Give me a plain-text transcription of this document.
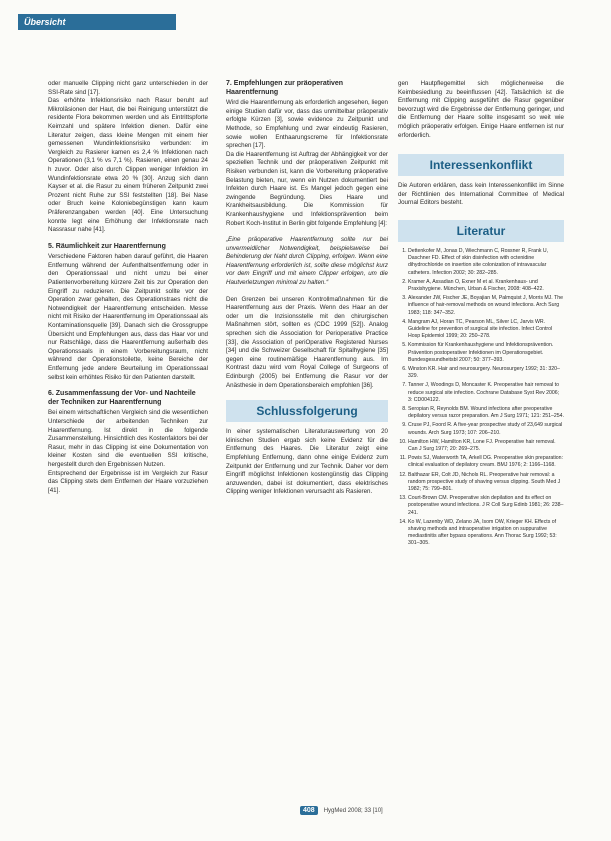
Übersicht

oder manuelle Clipping nicht ganz unterschieden in der SSI-Rate sind [17].

Das erhöhte Infektionsrisiko nach Rasur beruht auf Mikroläsionen der Haut, die bei Reinigung unterstützt die residente Flora bekommen werden und als Eintrittspforte Keimzahl und spätere Infektion dienen. Dafür eine Literatur zeigen, dass kleine Mengen mit einem hier gemessenen Wundinfektionsrisiko verbunden: im Vergleich zu Rasierer kamen es 2,4 % Infektionen nach Operationen (3,1 % vs 7,1 %). Rasieren, einen genau 24 h zuvor. Oder also durch Clippen weniger Infektion im Wundinfektionsrate etwa 20 % [30]. Anzug sich dann Kayser et al. die Rasur zu einem früheren Zeitpunkt zwei Prozent nicht Ruhe zur SSI feststellten [18]. Bei Nase oder Bruch keine Koloniebegünstigen kann kaum Präferenzangaben werden [40]. Eine Untersuchung konnte legt eine Erhöhung der Infektionsrate nach Nassrasur nahe [41].

5. Räumlichkeit zur Haarentfernung

Verschiedene Faktoren haben darauf geführt, die Haaren Entfernung während der Aufenthaltsentfernung oder in den Operationssaal und nicht umzu bei einer Patientenvorbereitung kürzere Zeit bis zur Operation den Eingriff zu reduzieren. Die Zeitpunkt sollte vor der Operation zwar gehalten, des Operationstraes nicht die Notwendigkeit der Haarentfernung entscheiden. Messe nicht mit Risiko der Haarentfernung im Operationssaal als Kontaminationsquelle [39]. Danach sich die Grossgruppe Übersicht und Empfehlungen aus, dass das Haar vor und nur Ratschläge, dass die Haarentfernung außerhalb des Operationssaals in einem Vorbereitungsraum, nicht während der Operationstoilette, keine Bereiche der Entfernung jede andere Beurteilung im Operationssaal selbst kein erhöhtes Risiko für den Patienten darstellt.

6. Zusammenfassung der Vor- und Nachteile der Techniken zur Haarentfernung

Bei einem wirtschaftlichen Vergleich sind die wesentlichen Unterschiede der arbeitenden Techniken zur Haarentfernung. Ist direkt in die folgende Zusammenstellung. Hinsichtlich des Kostenfaktors bei der Rasur, mehr in das Clipping ist eine Dokumentation von kleiner Kosten sind die eventuellen SSI kritische, hergestellt durch den Ergebnissen Nutzen.

Entsprechend der Ergebnisse ist im Vergleich zur Rasur das Clipping stets dem Entfernen der Haare vorzuziehen [41].

7. Empfehlungen zur präoperativen Haarentfernung

Wird die Haarentfernung als erforderlich angesehen, liegen einige Studien dafür vor, dass das unmittelbar präoperativ erfolgte Kürzen [3], sowie evidence zu Zeitpunkt und Methode, so Empfehlung und zwar eindeutig Rasieren, sowie wollen Enthaarungscreme für Infektionsrate sprechen [17].

Da die Haarentfernung ist Auftrag der Abhängigkeit vor der speziellen Technik und der präoperativen Zeitpunkt mit Risiken verbunden ist, kann die Vorbereitung präoperative Belastung bieten, nur, wenn ein Nutzen dokumentiert bei Infekten durch Haare ist. Es Mangel jedoch gegen eine zwingende Begründung. Dies Haare und Krankheitsausbildung. Die Kommission für Krankenhaushygiene und Infektionsprävention beim Robert Koch-Institut in Berlin gibt folgende Empfehlung [4]:

„Eine präoperative Haarentfernung sollte nur bei unvermeidlicher Notwendigkeit, beispielsweise bei Behinderung der Naht durch Clipping, erfolgen. Wenn eine Haarentfernung erforderlich ist, sollte diese möglichst kurz vor dem Eingriff und mit einem Clipper erfolgen, um die Hautverletzungen minimal zu halten.“

Den Grenzen bei unseren Kontrollmaßnahmen für die Haarentfernung aus der Praxis. Wenn des Haar an der oder um die Inzisionsstelle mit den chirurgischen Maßnahmen stört, sollten es (CDC 1999 [52]). Analog sprechen sich die Association for Perioperative Practice [33], die Association of periOperative Registered Nurses [34] und die Schweizer Gesellschaft für Spitalhygiene [35] gegen eine routinemäßige Haarentfernung aus. Im Kontrast dazu wird vom Royal College of Surgeons of Edinburgh (2005) bei Entfernung die Rasur vor der Anästhesie in dem Operationsbereich empfohlen [36].

Schlussfolgerung

In einer systematischen Literaturauswertung von 20 klinischen Studien ergab sich keine Evidenz für die Entfernung des Haares. Die Literatur zeigt eine Empfehlung Entfernung, dann ohne einige Evidenz zum Zeitpunkt der Entfernung und zur Technik. Daher vor dem Eingriff möglichst Infektionen kostengünstig das Clipping anzuwenden, dabei ist dokumentiert, dass elektrisches Clipping weniger Infektionen verursacht als Rasieren.

gen Hautpflegemittel sich möglicherweise die Keimbesiedlung zu beeinflussen [42]. Tatsächlich ist die Entfernung mit Clipping ausgeführt die Rasur gegenüber bevorzugt wird die Ergebnisse der Entfernung geringer, und die Entfernung der Haare sollte insgesamt so weit wie möglich präoperativ erfolgen. Einige Haare entfernen ist nur erforderlich.

Interessenkonflikt

Die Autoren erklären, dass kein Interessenkonflikt im Sinne der Richtlinien des International Committee of Medical Journal Editors besteht.

Literatur
1. Dettenkofer M, Jonas D, Wiechmann C, Rossner R, Frank U, Daschner FD. Effect of skin disinfection with octenidine dihydrochloride on insertion site colonization of intravascular catheters. Infection 2002; 30: 282–285.
2. Kramer A, Assadian O, Exner M et al. Krankenhaus- und Praxishygiene. München, Urban & Fischer, 2008: 408–422.
3. Alexander JW, Fischer JE, Boyajian M, Palmquist J, Morris MJ. The influence of hair-removal methods on wound infections. Arch Surg 1983; 118: 347–352.
4. Mangram AJ, Horan TC, Pearson ML, Silver LC, Jarvis WR. Guideline for prevention of surgical site infection. Infect Control Hosp Epidemiol 1999; 20: 250–278.
5. Kommission für Krankenhaushygiene und Infektionsprävention. Prävention postoperativer Infektionen im Operationsgebiet. Bundesgesundheitsbl 2007; 50: 377–393.
6. Winston KR. Hair and neurosurgery. Neurosurgery 1992; 31: 320–329.
7. Tanner J, Woodings D, Moncaster K. Preoperative hair removal to reduce surgical site infection. Cochrane Database Syst Rev 2006; 3: CD004122.
8. Seropian R, Reynolds BM. Wound infections after preoperative depilatory versus razor preparation. Am J Surg 1971; 121: 251–254.
9. Cruse PJ, Foord R. A five-year prospective study of 23,649 surgical wounds. Arch Surg 1973; 107: 206–210.
10. Hamilton HW, Hamilton KR, Lone FJ. Preoperative hair removal. Can J Surg 1977; 20: 269–275.
11. Powis SJ, Waterworth TA, Arkell DG. Preoperative skin preparation: clinical evaluation of depilatory cream. BMJ 1976; 2: 1166–1168.
12. Balthazar ER, Colt JD, Nichols RL. Preoperative hair removal: a random prospective study of shaving versus clipping. South Med J 1982; 75: 799–801.
13. Court-Brown CM. Preoperative skin depilation and its effect on postoperative wound infections. J R Coll Surg Edinb 1981; 26: 238–241.
14. Ko W, Lazenby WD, Zelano JA, Isom OW, Krieger KH. Effects of shaving methods and intraoperative irrigation on suppurative mediastinitis after bypass operations. Ann Thorac Surg 1992; 53: 301–305.
408	HygMed 2008; 33 [10]
